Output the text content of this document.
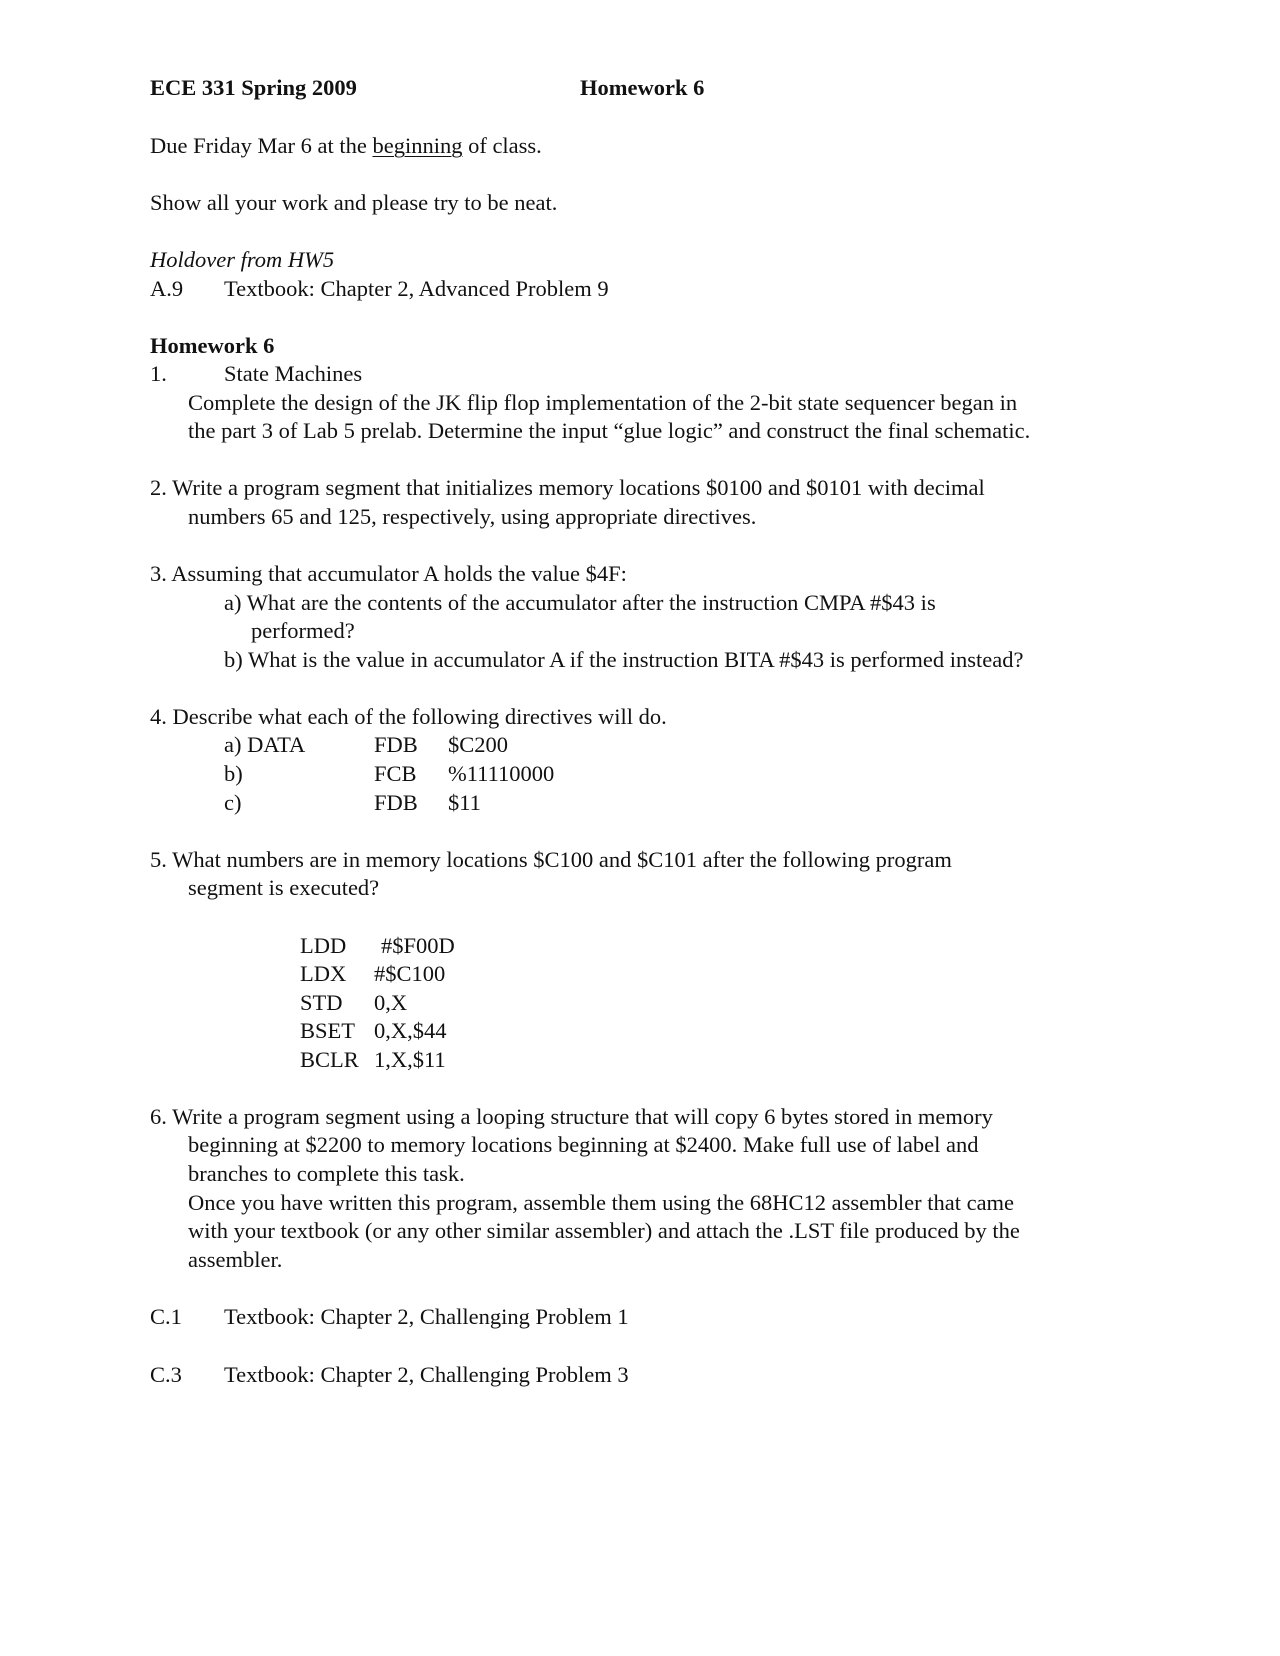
ECE 331 Spring 2009	Homework 6
Due Friday Mar 6 at the beginning of class.
Show all your work and please try to be neat.
Holdover from HW5
A.9 Textbook: Chapter 2, Advanced Problem 9
Homework 6
1.	State Machines
Complete the design of the JK flip flop implementation of the 2-bit state sequencer began in
the part 3 of Lab 5 prelab. Determine the input “glue logic” and construct the final schematic.
2. Write a program segment that initializes memory locations $0100 and $0101 with decimal
numbers 65 and 125, respectively, using appropriate directives.
3. Assuming that accumulator A holds the value $4F:
a) What are the contents of the accumulator after the instruction CMPA #$43 is
performed?
b) What is the value in accumulator A if the instruction BITA #$43 is performed instead?
4. Describe what each of the following directives will do.
a) DATA	FDB $C200
b)	FCB %11110000
c)	FDB $11
5. What numbers are in memory locations $C100 and $C101 after the following program
segment is executed?
LDD #$F00D
LDX #$C100
STD 0,X
BSET 0,X,$44
BCLR 1,X,$11
6. Write a program segment using a looping structure that will copy 6 bytes stored in memory
beginning at $2200 to memory locations beginning at $2400. Make full use of label and
branches to complete this task.
Once you have written this program, assemble them using the 68HC12 assembler that came
with your textbook (or any other similar assembler) and attach the .LST file produced by the
assembler.
C.1 Textbook: Chapter 2, Challenging Problem 1
C.3 Textbook: Chapter 2, Challenging Problem 3
